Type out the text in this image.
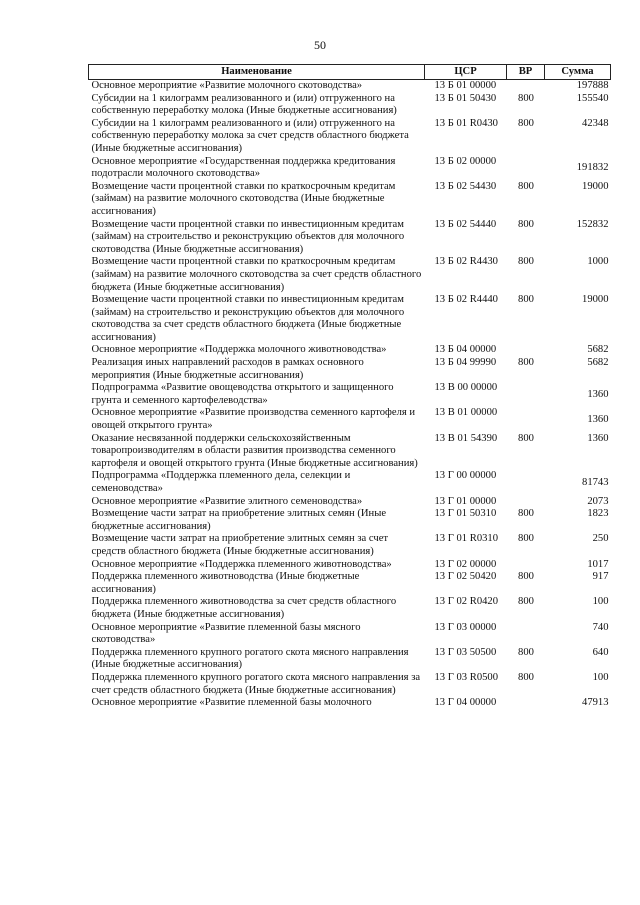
50
Наименование	ЦСР	ВР	Сумма
Основное мероприятие «Развитие молочного скотоводства»	13 Б 01 00000		197888
Субсидии на 1 килограмм реализованного и (или) отгруженного на собственную переработку молока (Иные бюджетные ассигнования)	13 Б 01 50430	800	155540
Субсидии на 1 килограмм реализованного и (или) отгруженного на собственную переработку молока за счет средств областного бюджета (Иные бюджетные ассигнования)	13 Б 01 R0430	800	42348
Основное мероприятие «Государственная поддержка кредитования подотрасли молочного скотоводства»	13 Б 02 00000		191832
Возмещение части процентной ставки по краткосрочным кредитам (займам) на развитие молочного скотоводства (Иные бюджетные ассигнования)	13 Б 02 54430	800	19000
Возмещение части процентной ставки по инвестиционным кредитам (займам) на строительство и реконструкцию объектов для молочного скотоводства (Иные бюджетные ассигнования)	13 Б 02 54440	800	152832
Возмещение части процентной ставки по краткосрочным кредитам (займам) на развитие молочного скотоводства за счет средств областного бюджета (Иные бюджетные ассигнования)	13 Б 02 R4430	800	1000
Возмещение части процентной ставки по инвестиционным кредитам (займам) на строительство и реконструкцию объектов для молочного скотоводства за счет средств областного бюджета (Иные бюджетные ассигнования)	13 Б 02 R4440	800	19000
Основное мероприятие «Поддержка молочного животноводства»	13 Б 04 00000		5682
Реализация иных направлений расходов в рамках основного мероприятия (Иные бюджетные ассигнования)	13 Б 04 99990	800	5682
Подпрограмма «Развитие овощеводства открытого и защищенного грунта и семенного картофелеводства»	13 В 00 00000		1360
Основное мероприятие «Развитие производства семенного картофеля и овощей открытого грунта»	13 В 01 00000		1360
Оказание несвязанной поддержки сельскохозяйственным товаропроизводителям в области развития производства семенного картофеля и овощей открытого грунта (Иные бюджетные ассигнования)	13 В 01 54390	800	1360
Подпрограмма «Поддержка племенного дела, селекции и семеноводства»	13 Г 00 00000		81743
Основное мероприятие «Развитие элитного семеноводства»	13 Г 01 00000		2073
Возмещение части затрат на приобретение элитных семян (Иные бюджетные ассигнования)	13 Г 01 50310	800	1823
Возмещение части затрат на приобретение элитных семян за счет средств областного бюджета (Иные бюджетные ассигнования)	13 Г 01 R0310	800	250
Основное мероприятие «Поддержка племенного животноводства»	13 Г 02 00000		1017
Поддержка племенного животноводства (Иные бюджетные ассигнования)	13 Г 02 50420	800	917
Поддержка племенного животноводства за счет средств областного бюджета (Иные бюджетные ассигнования)	13 Г 02 R0420	800	100
Основное мероприятие «Развитие племенной базы мясного скотоводства»	13 Г 03 00000		740
Поддержка племенного крупного рогатого скота мясного направления (Иные бюджетные ассигнования)	13 Г 03 50500	800	640
Поддержка племенного крупного рогатого скота мясного направления за счет средств областного бюджета (Иные бюджетные ассигнования)	13 Г 03 R0500	800	100
Основное мероприятие «Развитие племенной базы молочного	13 Г 04 00000		47913
